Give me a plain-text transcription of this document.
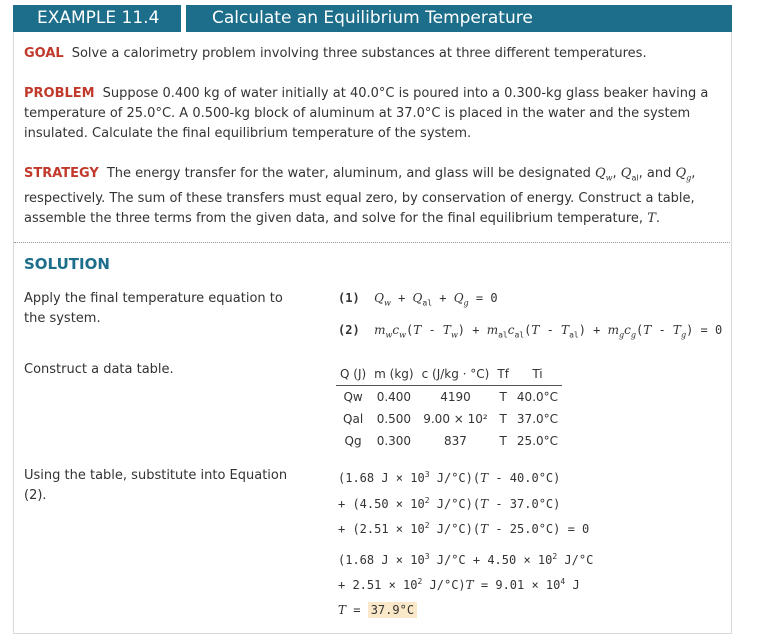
EXAMPLE 11.4	Calculate an Equilibrium Temperature
GOAL Solve a calorimetry problem involving three substances at three different temperatures.
PROBLEM Suppose 0.400 kg of water initially at 40.0°C is poured into a 0.300-kg glass beaker having a temperature of 25.0°C. A 0.500-kg block of aluminum at 37.0°C is placed in the water and the system insulated. Calculate the final equilibrium temperature of the system.
STRATEGY The energy transfer for the water, aluminum, and glass will be designated $Q_w$, $Q_{al}$, and $Q_g$, respectively. The sum of these transfers must equal zero, by conservation of energy. Construct a table, assemble the three terms from the given data, and solve for the final equilibrium temperature, T.
SOLUTION
Apply the final temperature equation to the system.
(1) $Q_w + Q_{al} + Q_g = 0$
(2) $m_wc_w(T - T_w) + m_{al}c_{al}(T - T_{al}) + m_gc_g(T - T_g) = 0$
Construct a data table.	Q (J)	m (kg)	c (J/kg · °C)	Tf	Ti
Qw	0.400	4190	T	40.0°C
Qal	0.500	9.00 × 10²	T	37.0°C
Qg	0.300	837	T	25.0°C
Using the table, substitute into Equation (2).
(1.68 $J \times 10^3$ J/°C)(T - 40.0°C)
+ ($4.50 \times 10^2$ J/°C)(T - 37.0°C)
+ ($2.51 \times 10^2$ J/°C)(T - 25.0°C) = 0
(1.68 $J \times 10^3$ $J/^\circ C + 4.50 \times 10^2$ J/°C
+ $2.51 \times 10^2$ $J/^\circ C)T = 9.01 \times 10^4$ J
T = 37.9°C
